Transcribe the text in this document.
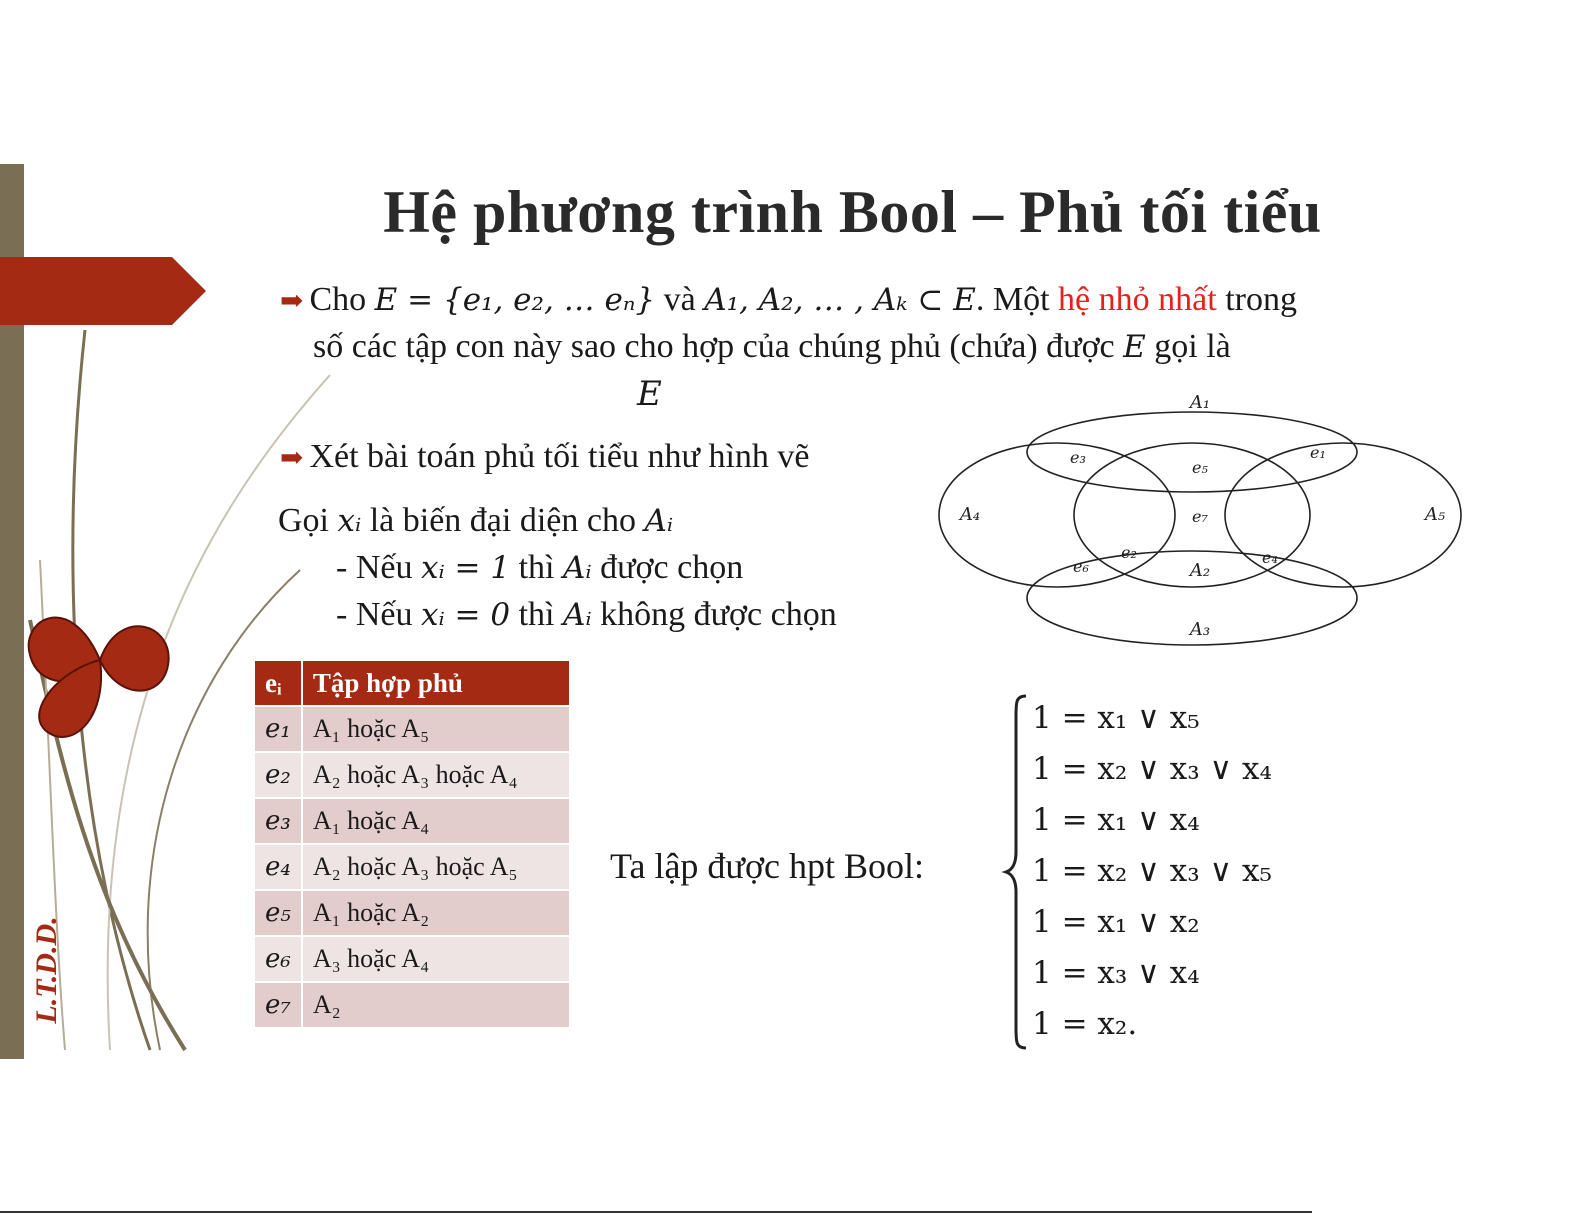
L.T.D.D.
Hệ phương trình Bool – Phủ tối tiểu
➡ Cho E = {e₁, e₂, … eₙ} và A₁, A₂, … , Aₖ ⊂ E. Một hệ nhỏ nhất trong
số các tập con này sao cho hợp của chúng phủ (chứa) được E gọi là
E
➡ Xét bài toán phủ tối tiểu như hình vẽ
Gọi xᵢ là biến đại diện cho Aᵢ
- Nếu xᵢ = 1 thì Aᵢ được chọn
- Nếu xᵢ = 0 thì Aᵢ không được chọn
A₁
A₄	A₅
A₂
A₃
e₁
e₂
e₃
e₄
e₅
e₆
e₇
eᵢ	Tập hợp phủ
e₁	A₁ hoặc A₅
e₂	A₂ hoặc A₃ hoặc A₄
e₃	A₁ hoặc A₄
e₄	A₂ hoặc A₃ hoặc A₅
e₅	A₁ hoặc A₂
e₆	A₃ hoặc A₄
e₇	A₂
Ta lập được hpt Bool:
1 = x₁ ∨ x₅
1 = x₂ ∨ x₃ ∨ x₄
1 = x₁ ∨ x₄
1 = x₂ ∨ x₃ ∨ x₅
1 = x₁ ∨ x₂
1 = x₃ ∨ x₄
1 = x₂.
